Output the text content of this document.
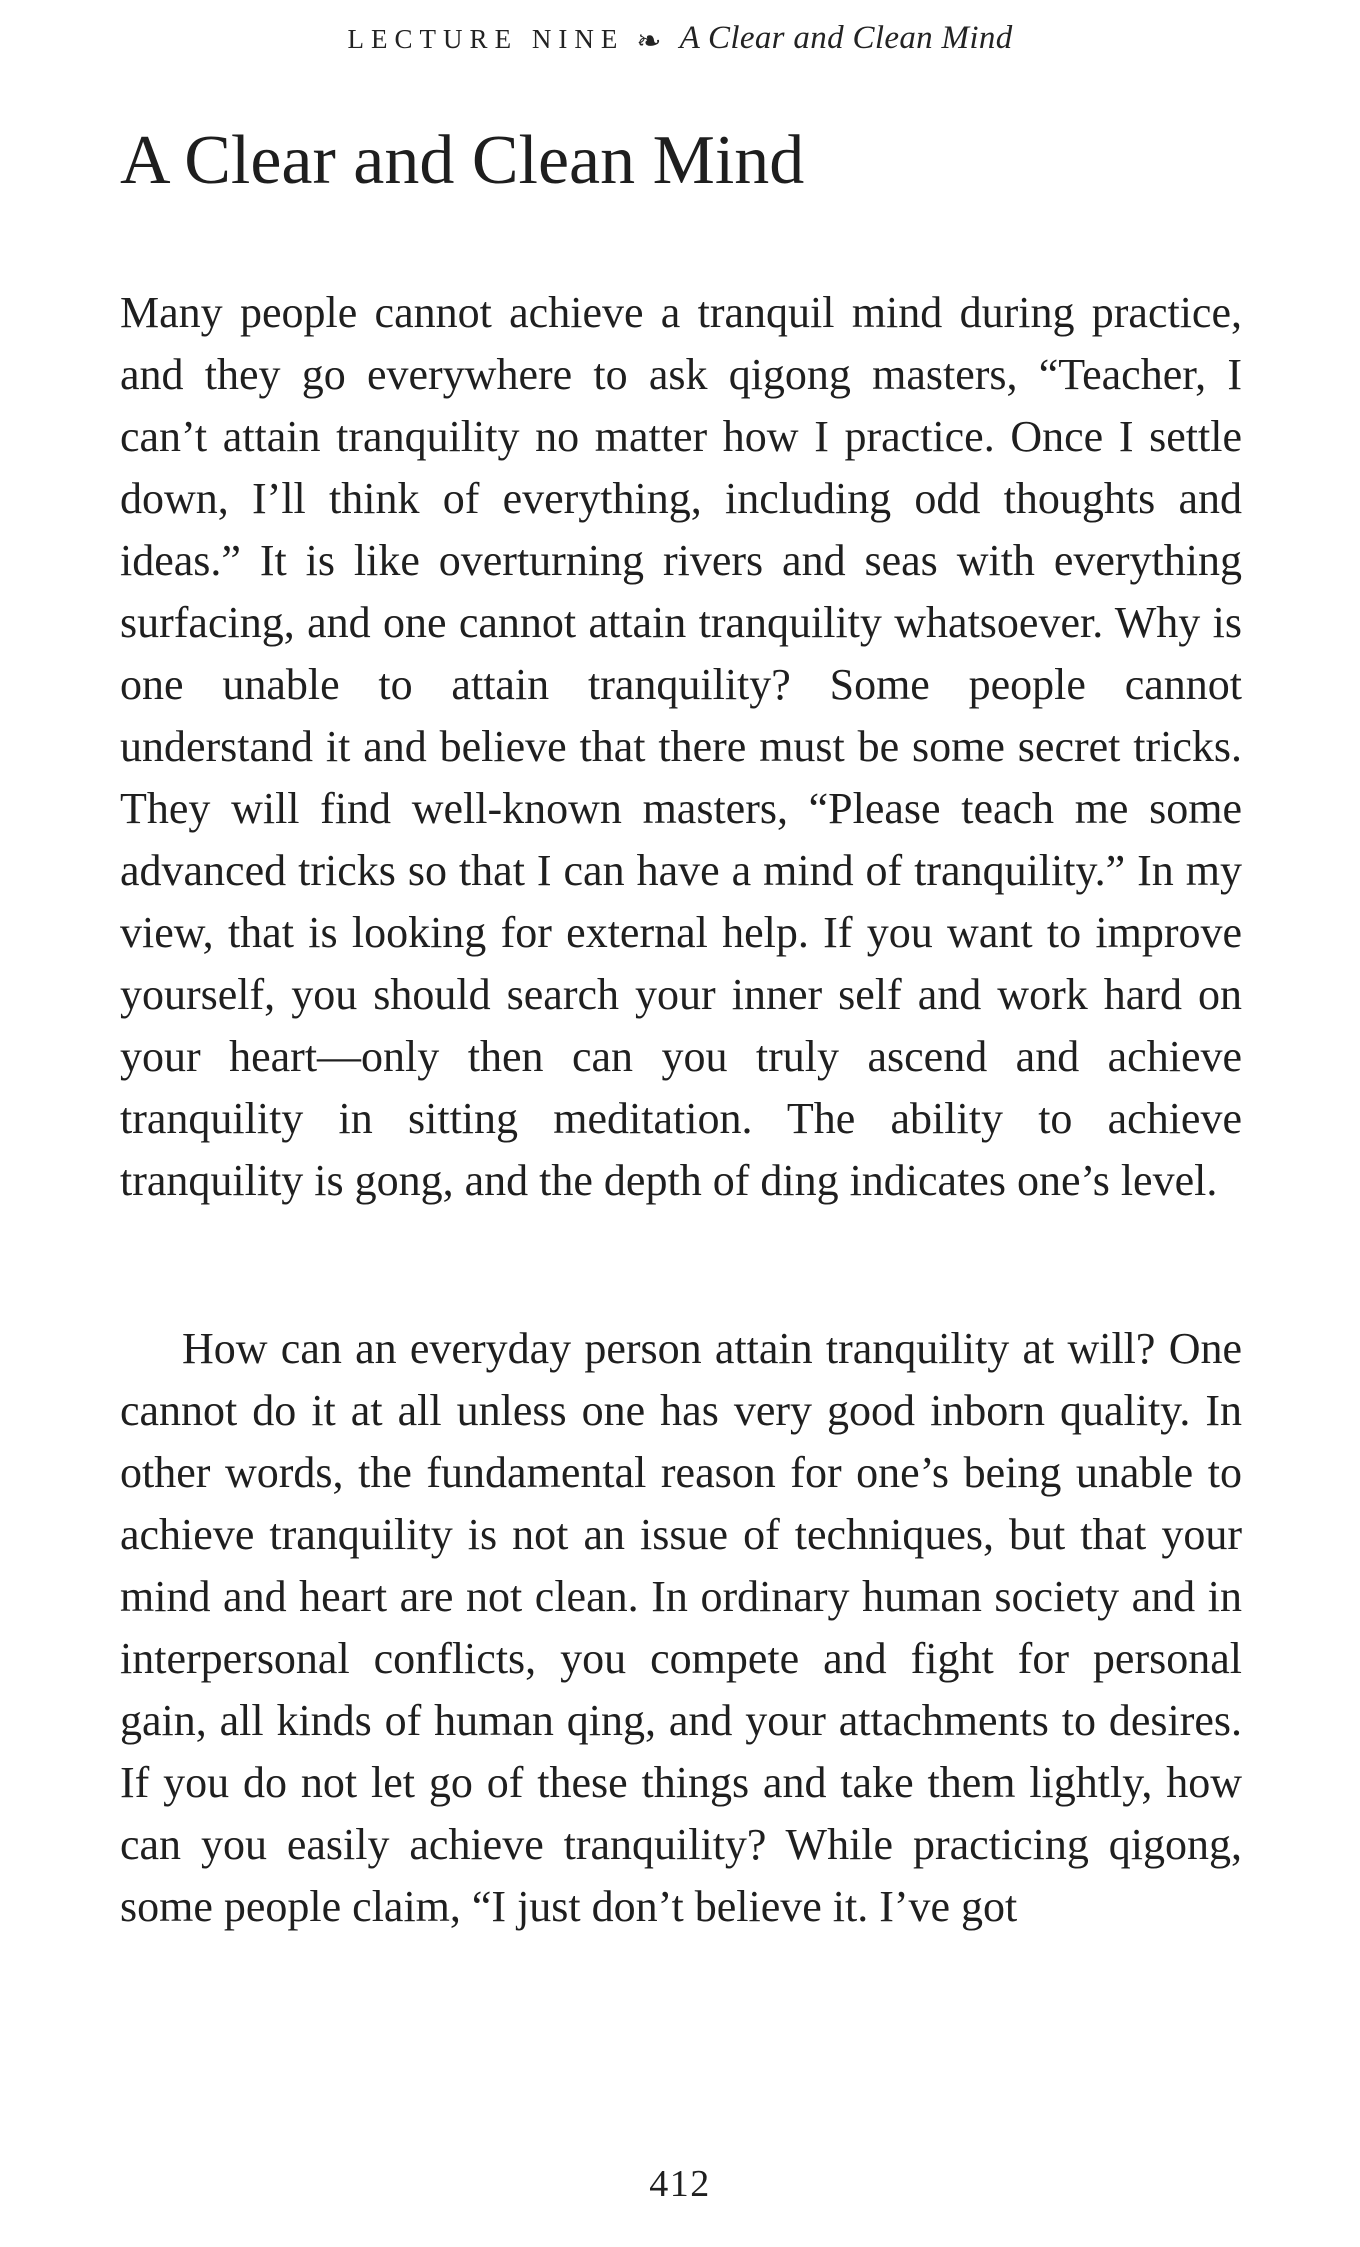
LECTURE NINE ❧ A Clear and Clean Mind
A Clear and Clean Mind

Many people cannot achieve a tranquil mind during practice, and they go everywhere to ask qigong masters, “Teacher, I can’t attain tranquility no matter how I practice. Once I settle down, I’ll think of everything, including odd thoughts and ideas.” It is like overturning rivers and seas with everything surfacing, and one cannot attain tranquility whatsoever. Why is one unable to attain tranquility? Some people cannot understand it and believe that there must be some secret tricks. They will find well-known masters, “Please teach me some advanced tricks so that I can have a mind of tranquility.” In my view, that is looking for external help. If you want to improve yourself, you should search your inner self and work hard on your heart—only then can you truly ascend and achieve tranquility in sitting meditation. The ability to achieve tranquility is gong, and the depth of ding indicates one’s level.

How can an everyday person attain tranquility at will? One cannot do it at all unless one has very good inborn quality. In other words, the fundamental reason for one’s being unable to achieve tranquility is not an issue of techniques, but that your mind and heart are not clean. In ordinary human society and in interpersonal conflicts, you compete and fight for personal gain, all kinds of human qing, and your attachments to desires. If you do not let go of these things and take them lightly, how can you easily achieve tranquility? While practicing qigong, some people claim, “I just don’t believe it. I’ve got

412
